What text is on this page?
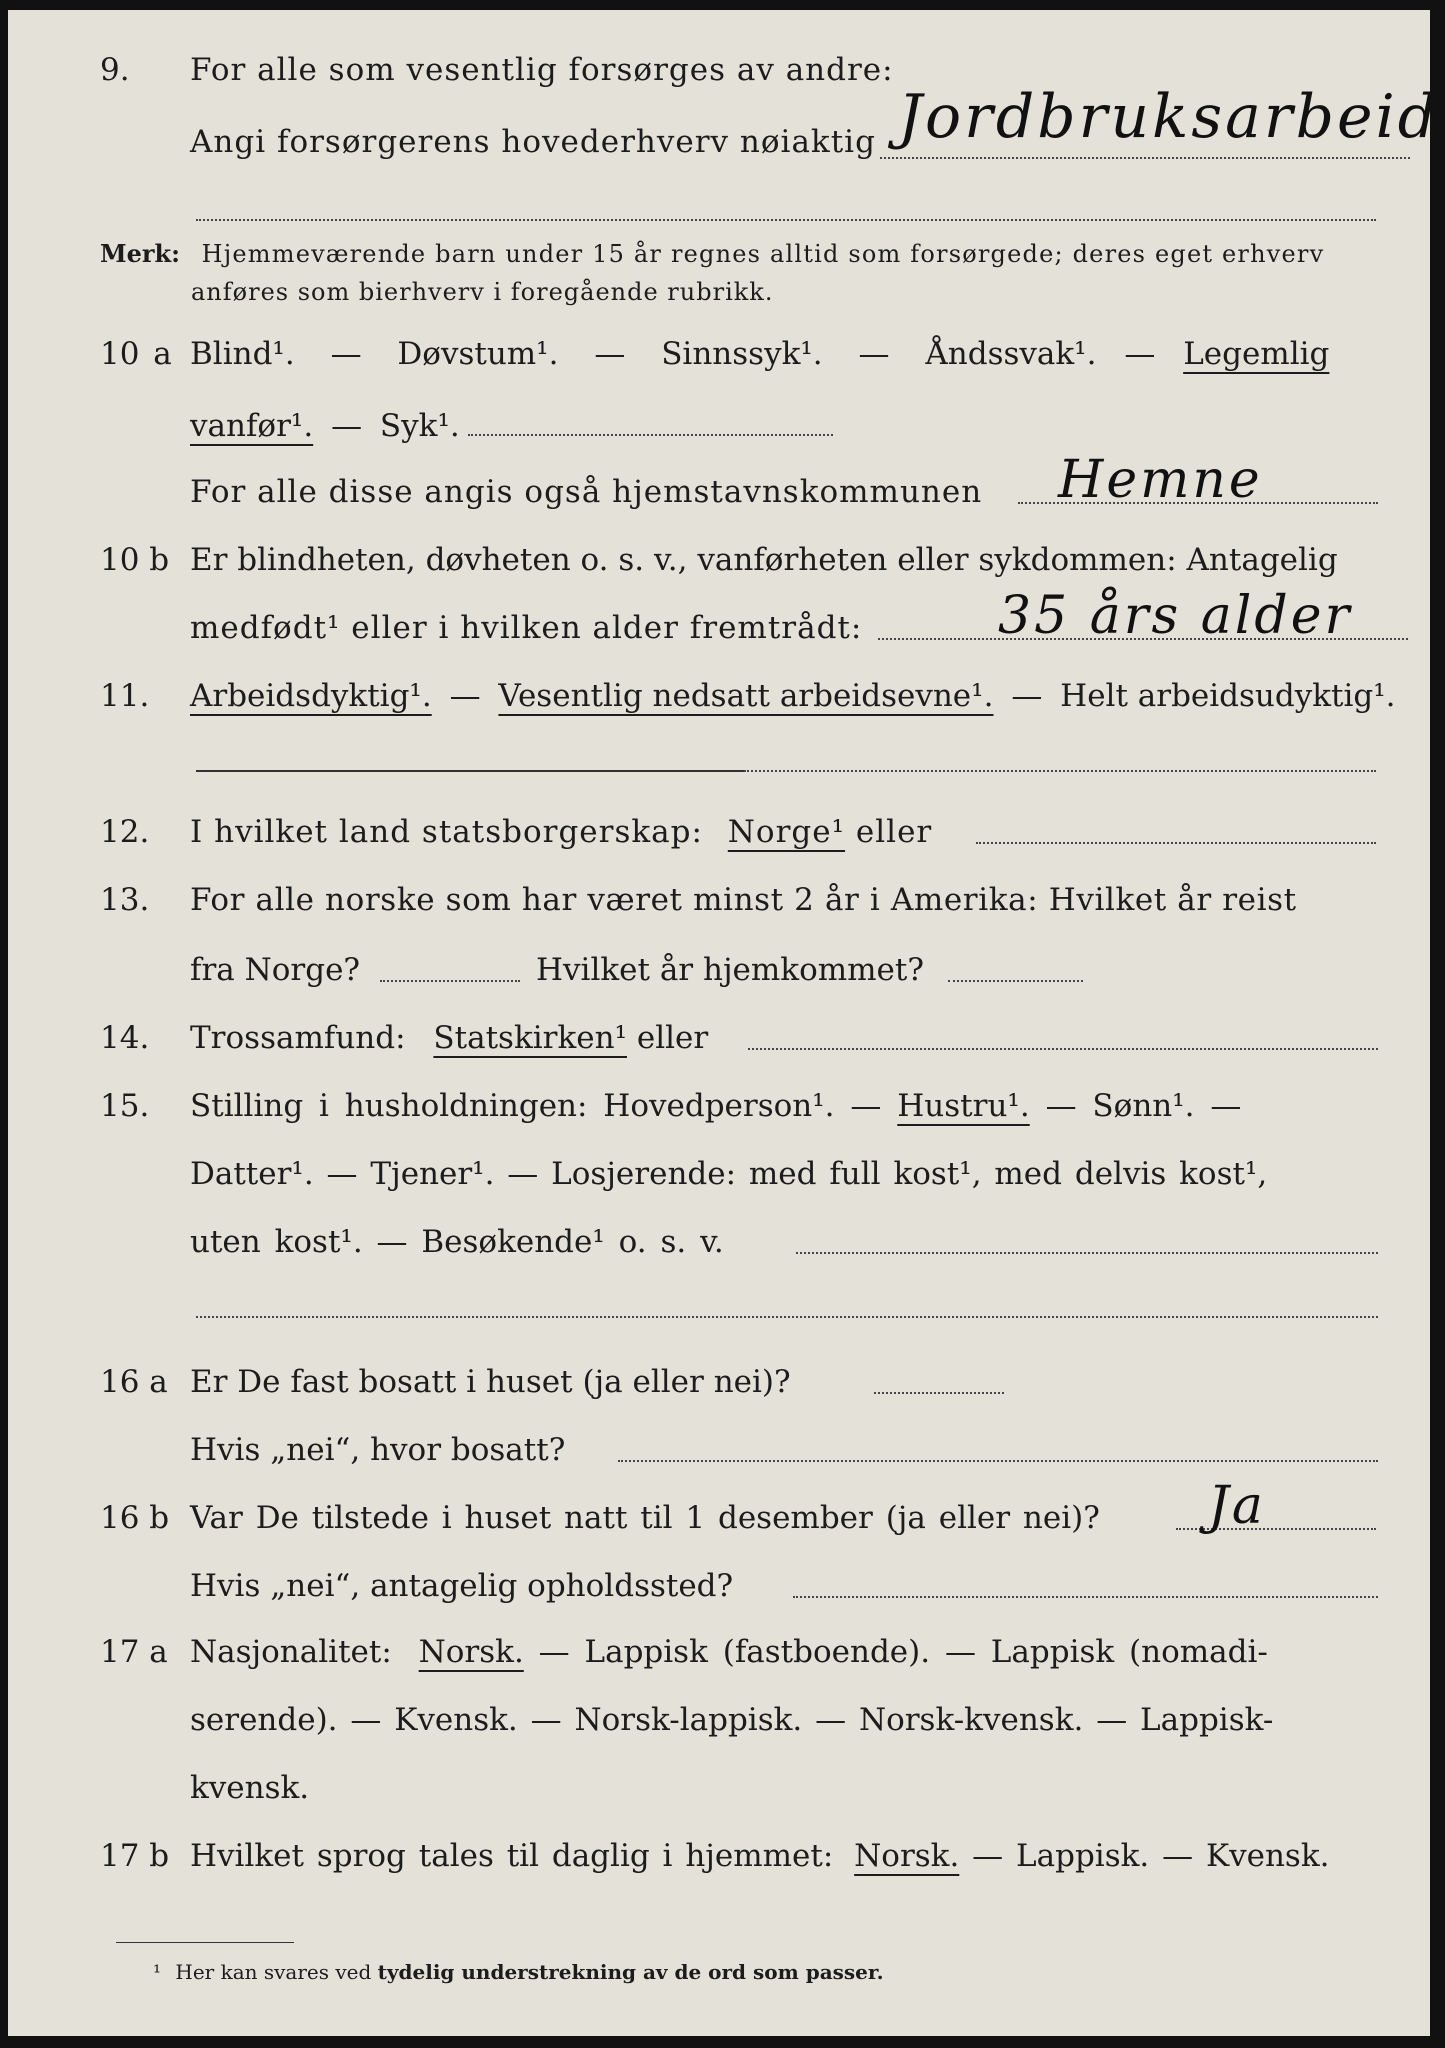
9.	For alle som vesentlig forsørges av andre:
Angi forsørgerens hovederhverv nøiaktig Jordbruksarbeid
Merk: Hjemmeværende barn under 15 år regnes alltid som forsørgede; deres eget erhverv
anføres som bierhverv i foregående rubrikk.
10 a Blind¹. — Døvstum¹. — Sinnssyk¹. — Åndssvak¹. — Legemlig
vanfør¹. — Syk¹.
For alle disse angis også hjemstavnskommunen Hemne
10 b Er blindheten, døvheten o. s. v., vanførheten eller sykdommen: Antagelig
medfødt¹ eller i hvilken alder fremtrådt:	35 års alder
11.	Arbeidsdyktig¹. — Vesentlig nedsatt arbeidsevne¹. — Helt arbeidsudyktig¹.
12.	I hvilket land statsborgerskap: Norge¹ eller
13.	For alle norske som har været minst 2 år i Amerika: Hvilket år reist
fra Norge?	Hvilket år hjemkommet?
14.	Trossamfund: Statskirken¹ eller
15.	Stilling i husholdningen: Hovedperson¹. — Hustru¹. — Sønn¹. —
Datter¹. — Tjener¹. — Losjerende: med full kost¹, med delvis kost¹,
uten kost¹. — Besøkende¹ o. s. v.
16 a Er De fast bosatt i huset (ja eller nei)?
Hvis „nei“, hvor bosatt?
16 b Var De tilstede i huset natt til 1 desember (ja eller nei)? Ja
Hvis „nei“, antagelig opholdssted?
17 a Nasjonalitet: Norsk. — Lappisk (fastboende). — Lappisk (nomadi-
serende). — Kvensk. — Norsk-lappisk. — Norsk-kvensk. — Lappisk-
kvensk.
17 b Hvilket sprog tales til daglig i hjemmet: Norsk. — Lappisk. — Kvensk.
¹ Her kan svares ved tydelig understrekning av de ord som passer.
